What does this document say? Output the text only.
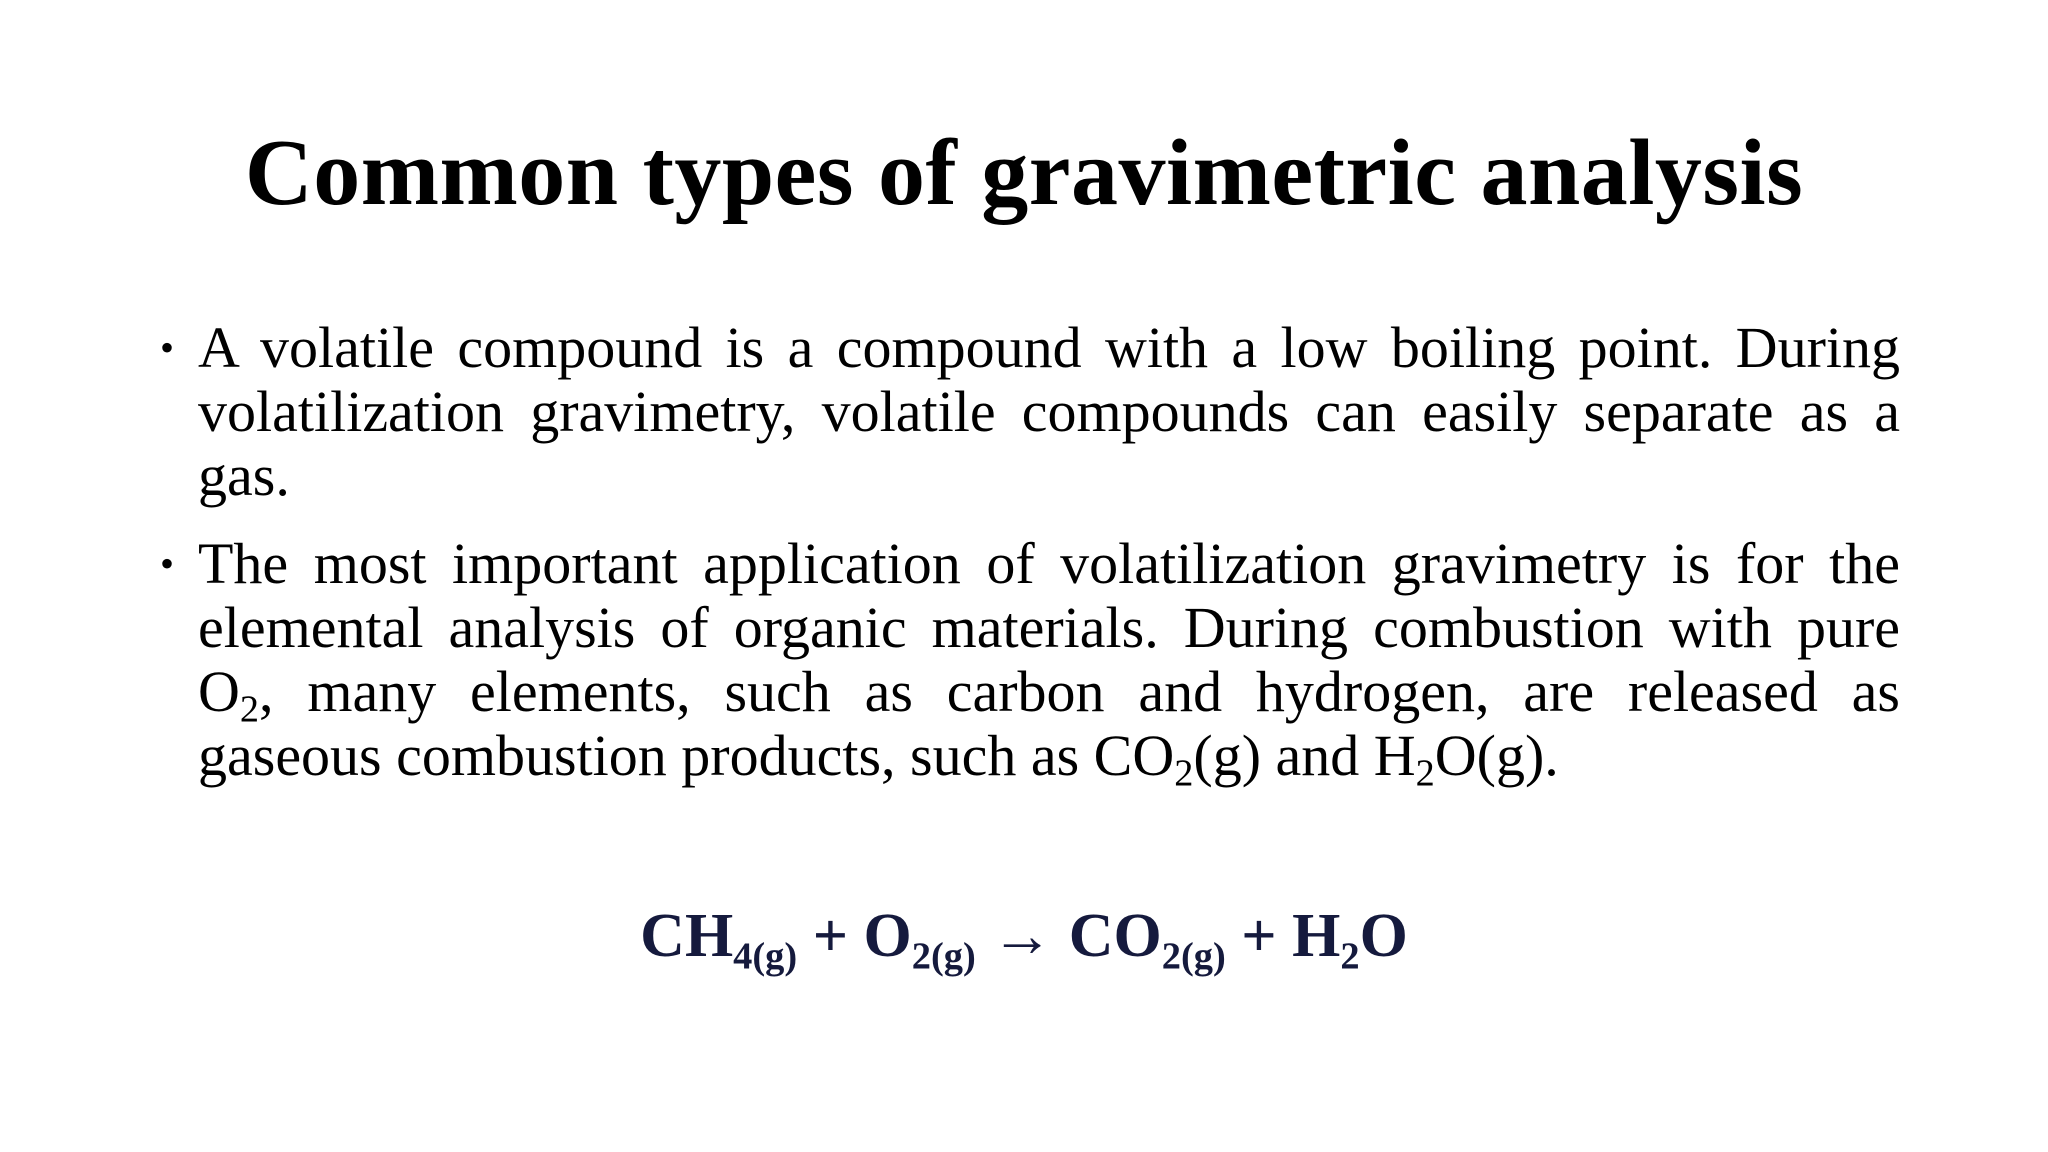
Common types of gravimetric analysis
• A volatile compound is a compound with a low boiling point. During volatilization gravimetry, volatile compounds can easily separate as a gas.
• The most important application of volatilization gravimetry is for the elemental analysis of organic materials. During combustion with pure $O_2$, many elements, such as carbon and hydrogen, are released as gaseous combustion products, such as $CO_2(g)$ and $H_2O(g)$.
CH4(g) + O2(g) → CO2(g) + H2O
